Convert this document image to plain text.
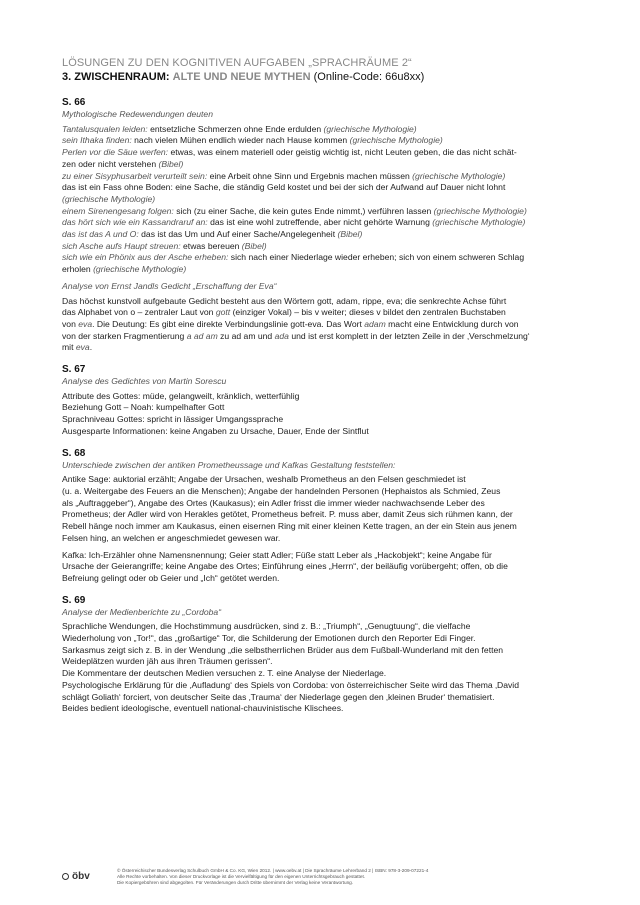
LÖSUNGEN ZU DEN KOGNITIVEN AUFGABEN „SPRACHRÄUME 2“

3. ZWISCHENRAUM: ALTE UND NEUE MYTHEN (Online-Code: 66u8xx)

S. 66

Mythologische Redewendungen deuten

Tantalusqualen leiden: entsetzliche Schmerzen ohne Ende erdulden (griechische Mythologie)

sein Ithaka finden: nach vielen Mühen endlich wieder nach Hause kommen (griechische Mythologie)

Perlen vor die Säue werfen: etwas, was einem materiell oder geistig wichtig ist, nicht Leuten geben, die das nicht schät-

zen oder nicht verstehen (Bibel)

zu einer Sisyphusarbeit verurteilt sein: eine Arbeit ohne Sinn und Ergebnis machen müssen (griechische Mythologie)

das ist ein Fass ohne Boden: eine Sache, die ständig Geld kostet und bei der sich der Aufwand auf Dauer nicht lohnt

(griechische Mythologie)

einem Sirenengesang folgen: sich (zu einer Sache, die kein gutes Ende nimmt,) verführen lassen (griechische Mythologie)

das hört sich wie ein Kassandraruf an: das ist eine wohl zutreffende, aber nicht gehörte Warnung (griechische Mythologie)

das ist das A und O: das ist das Um und Auf einer Sache/Angelegenheit (Bibel)

sich Asche aufs Haupt streuen: etwas bereuen (Bibel)

sich wie ein Phönix aus der Asche erheben: sich nach einer Niederlage wieder erheben; sich von einem schweren Schlag

erholen (griechische Mythologie)

Analyse von Ernst Jandls Gedicht „Erschaffung der Eva“

Das höchst kunstvoll aufgebaute Gedicht besteht aus den Wörtern gott, adam, rippe, eva; die senkrechte Achse führt

das Alphabet von o – zentraler Laut von gott (einziger Vokal) – bis v weiter; dieses v bildet den zentralen Buchstaben

von eva. Die Deutung: Es gibt eine direkte Verbindungslinie gott-eva. Das Wort adam macht eine Entwicklung durch von

von der starken Fragmentierung a ad am zu ad am und ada und ist erst komplett in der letzten Zeile in der ‚Verschmelzung‘

mit eva.

S. 67

Analyse des Gedichtes von Martin Sorescu

Attribute des Gottes: müde, gelangweilt, kränklich, wetterfühlig

Beziehung Gott – Noah: kumpelhafter Gott

Sprachniveau Gottes: spricht in lässiger Umgangssprache

Ausgesparte Informationen: keine Angaben zu Ursache, Dauer, Ende der Sintflut

S. 68

Unterschiede zwischen der antiken Prometheussage und Kafkas Gestaltung feststellen:

Antike Sage: auktorial erzählt; Angabe der Ursachen, weshalb Prometheus an den Felsen geschmiedet ist

(u. a. Weitergabe des Feuers an die Menschen); Angabe der handelnden Personen (Hephaistos als Schmied, Zeus

als „Auftraggeber“), Angabe des Ortes (Kaukasus); ein Adler frisst die immer wieder nachwachsende Leber des

Prometheus; der Adler wird von Herakles getötet, Prometheus befreit. P. muss aber, damit Zeus sich rühmen kann, der

Rebell hänge noch immer am Kaukasus, einen eisernen Ring mit einer kleinen Kette tragen, an der ein Stein aus jenem

Felsen hing, an welchen er angeschmiedet gewesen war.

Kafka: Ich-Erzähler ohne Namensnennung; Geier statt Adler; Füße statt Leber als „Hackobjekt“; keine Angabe für

Ursache der Geierangriffe; keine Angabe des Ortes; Einführung eines „Herrn“, der beiläufig vorübergeht; offen, ob die

Befreiung gelingt oder ob Geier und „Ich“ getötet werden.

S. 69

Analyse der Medienberichte zu „Cordoba“

Sprachliche Wendungen, die Hochstimmung ausdrücken, sind z. B.: „Triumph“, „Genugtuung“, die vielfache

Wiederholung von „Tor!“, das „großartige“ Tor, die Schilderung der Emotionen durch den Reporter Edi Finger.

Sarkasmus zeigt sich z. B. in der Wendung „die selbstherrlichen Brüder aus dem Fußball-Wunderland mit den fetten

Weideplätzen wurden jäh aus ihren Träumen gerissen“.

Die Kommentare der deutschen Medien versuchen z. T. eine Analyse der Niederlage.

Psychologische Erklärung für die ‚Aufladung‘ des Spiels von Cordoba: von österreichischer Seite wird das Thema ‚David

schlägt Goliath‘ forciert, von deutscher Seite das ‚Trauma‘ der Niederlage gegen den ‚kleinen Bruder‘ thematisiert.

Beides bedient ideologische, eventuell national-chauvinistische Klischees.

öbv

© Österreichischer Bundesverlag Schulbuch GmbH & Co. KG, Wien 2012. | www.oebv.at | Die Sprachräume Lehrerband 2 | ISBN: 978-3-209-07221-4

Alle Rechte vorbehalten. Von dieser Druckvorlage ist die Vervielfältigung für den eigenen Unterrichtsgebrauch gestattet.

Die Kopiergebühren sind abgegolten. Für Veränderungen durch Dritte übernimmt der Verlag keine Verantwortung.
